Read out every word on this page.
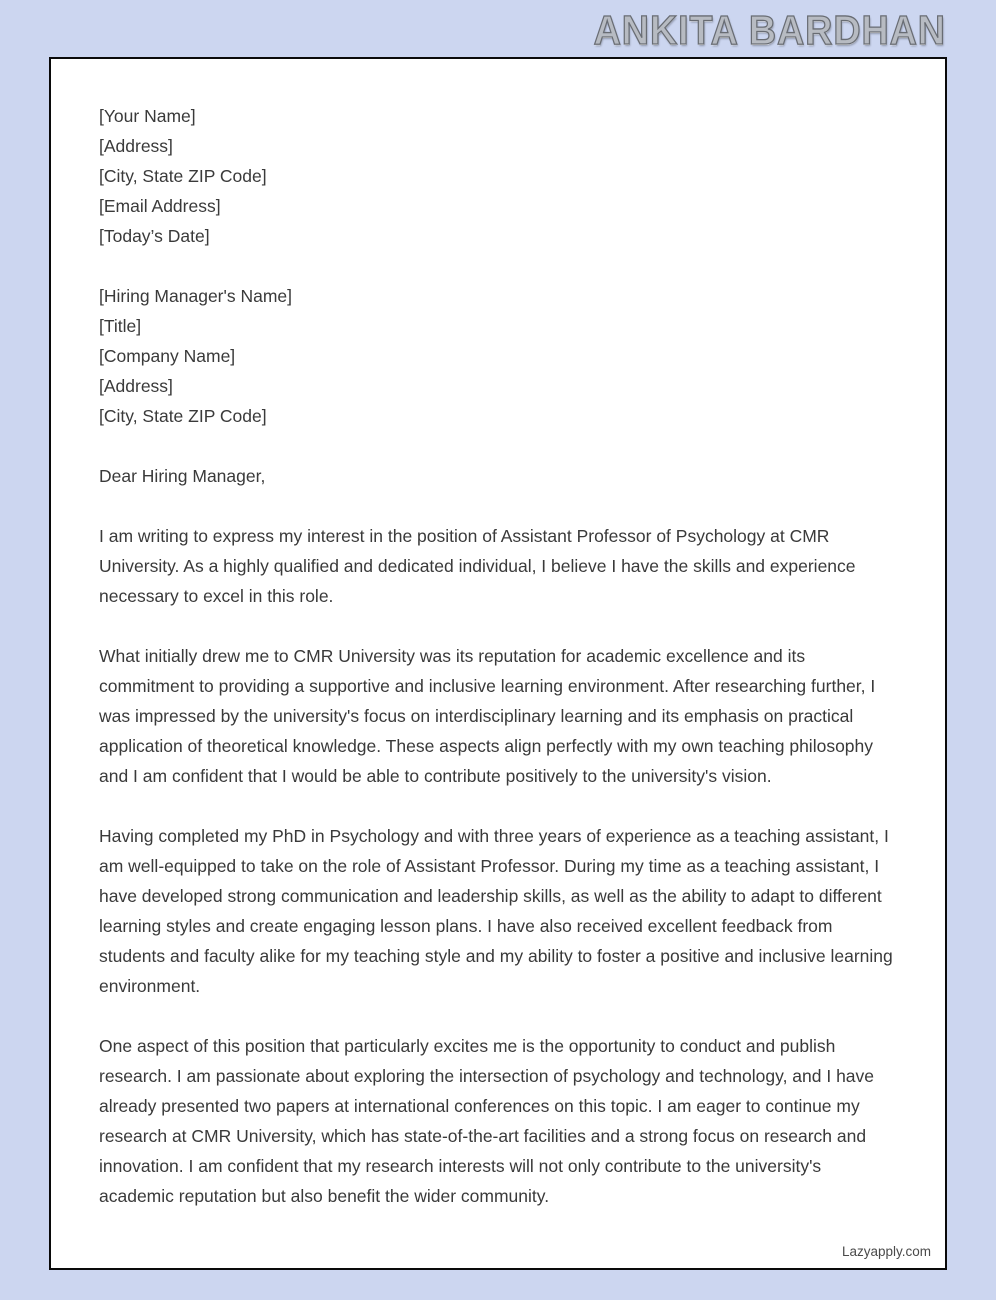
ANKITA BARDHAN
[Your Name]
[Address]
[City, State ZIP Code]
[Email Address]
[Today’s Date]
[Hiring Manager's Name]
[Title]
[Company Name]
[Address]
[City, State ZIP Code]
Dear Hiring Manager,

I am writing to express my interest in the position of Assistant Professor of Psychology at CMR University. As a highly qualified and dedicated individual, I believe I have the skills and experience necessary to excel in this role.

What initially drew me to CMR University was its reputation for academic excellence and its commitment to providing a supportive and inclusive learning environment. After researching further, I was impressed by the university's focus on interdisciplinary learning and its emphasis on practical application of theoretical knowledge. These aspects align perfectly with my own teaching philosophy and I am confident that I would be able to contribute positively to the university's vision.

Having completed my PhD in Psychology and with three years of experience as a teaching assistant, I am well-equipped to take on the role of Assistant Professor. During my time as a teaching assistant, I have developed strong communication and leadership skills, as well as the ability to adapt to different learning styles and create engaging lesson plans. I have also received excellent feedback from students and faculty alike for my teaching style and my ability to foster a positive and inclusive learning environment.

One aspect of this position that particularly excites me is the opportunity to conduct and publish research. I am passionate about exploring the intersection of psychology and technology, and I have already presented two papers at international conferences on this topic. I am eager to continue my research at CMR University, which has state-of-the-art facilities and a strong focus on research and innovation. I am confident that my research interests will not only contribute to the university's academic reputation but also benefit the wider community.

Lazyapply.com
